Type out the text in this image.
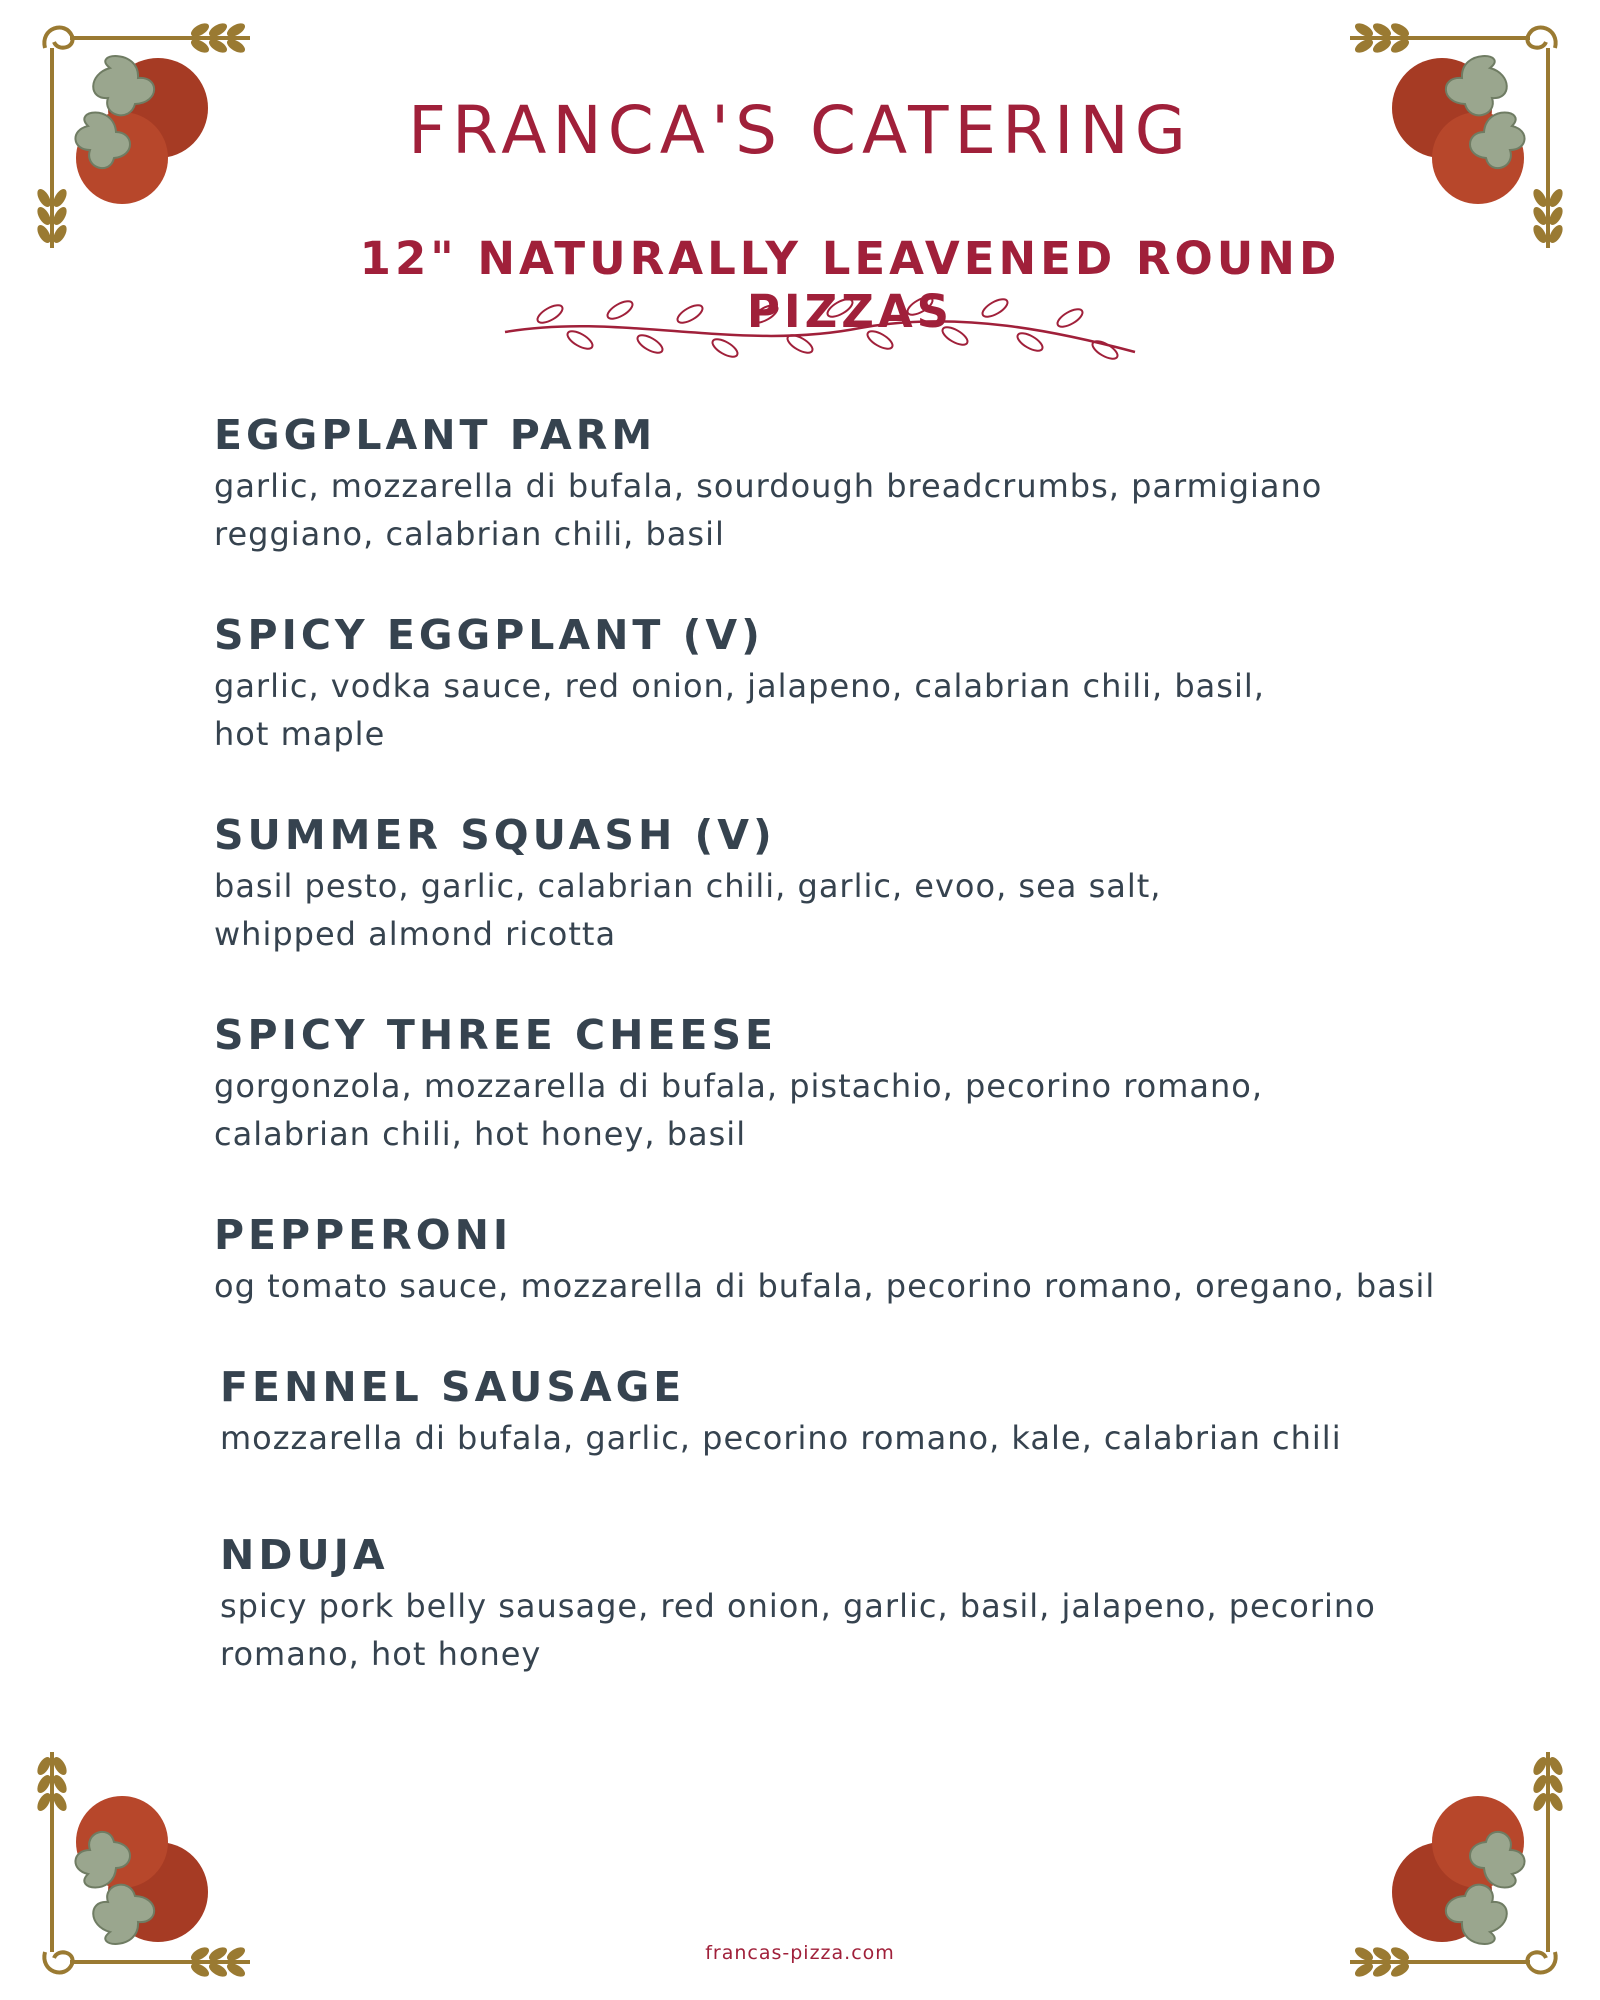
FRANCA'S CATERING
12" NATURALLY LEAVENED ROUND PIZZAS
EGGPLANT PARM

garlic, mozzarella di bufala, sourdough breadcrumbs, parmigiano
reggiano, calabrian chili, basil

SPICY EGGPLANT (V)

garlic, vodka sauce, red onion, jalapeno, calabrian chili, basil,
hot maple

SUMMER SQUASH (V)

basil pesto, garlic, calabrian chili, garlic, evoo, sea salt,
whipped almond ricotta

SPICY THREE CHEESE

gorgonzola, mozzarella di bufala, pistachio, pecorino romano,
calabrian chili, hot honey, basil

PEPPERONI

og tomato sauce, mozzarella di bufala, pecorino romano, oregano, basil

FENNEL SAUSAGE

mozzarella di bufala, garlic, pecorino romano, kale, calabrian chili

NDUJA

spicy pork belly sausage, red onion, garlic, basil, jalapeno, pecorino
romano, hot honey

francas-pizza.com
